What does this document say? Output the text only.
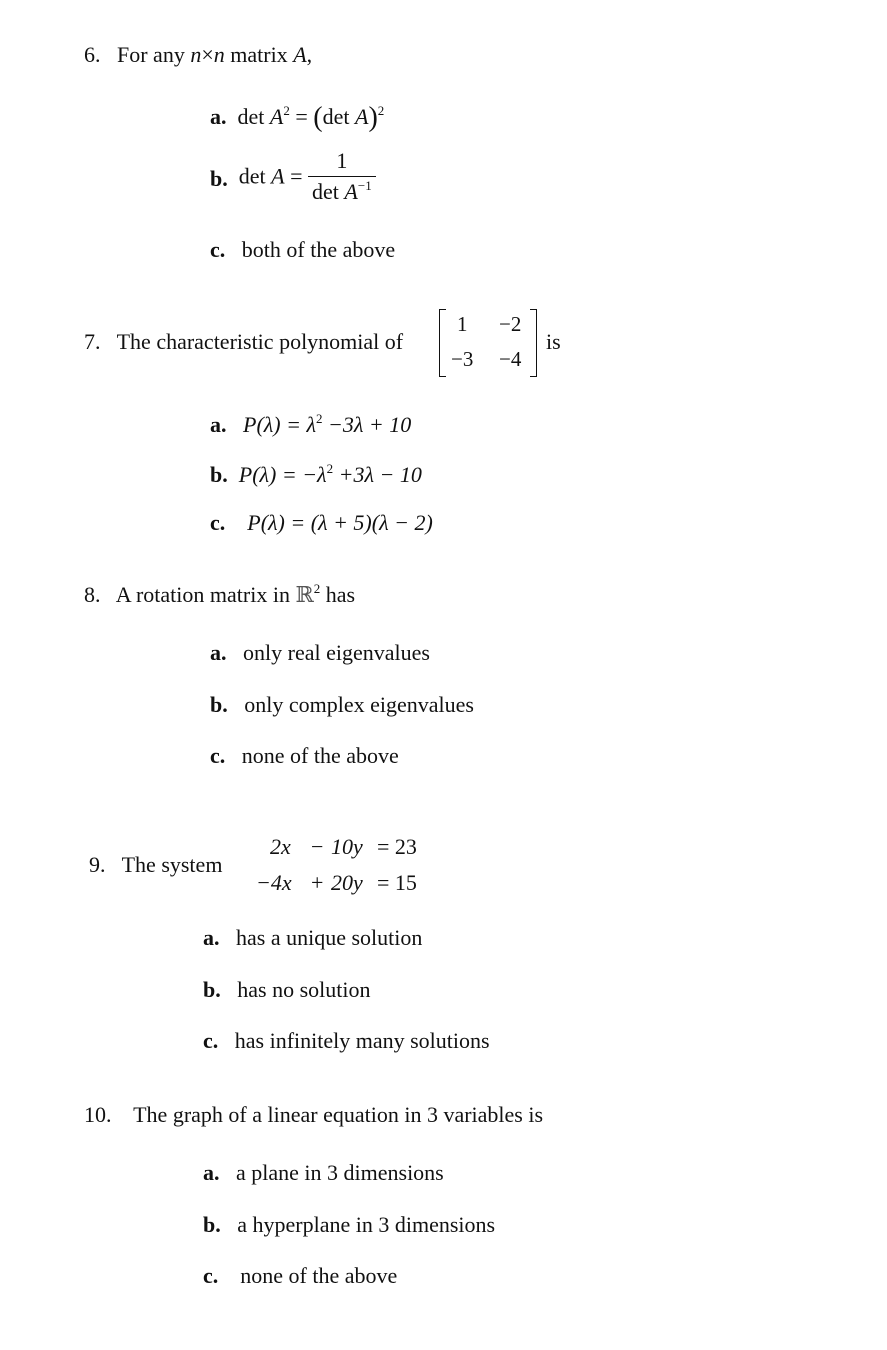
6. For any n×n matrix A,
a. $\det A^2 = (\det$ A)$^2$
b. $\det A = \frac{1}{\det A^{-1}}$
c. both of the above
7. The characteristic polynomial of
1 −2
−3 −4
is
a. $P(\lambda) = \lambda^2 -3\lambda + 10$
b. $P(\lambda) = -\lambda^2 +3\lambda - 10$
c. P(λ) = (λ + 5)(λ − 2)
8. A rotation matrix in ℝ$^2$ has
a. only real eigenvalues
b. only complex eigenvalues
c. none of the above
9. The system
2x − 10y = 23
−4x + 20y = 15
a. has a unique solution
b. has no solution
c. has infinitely many solutions
10. The graph of a linear equation in 3 variables is
a. a plane in 3 dimensions
b. a hyperplane in 3 dimensions
c. none of the above
